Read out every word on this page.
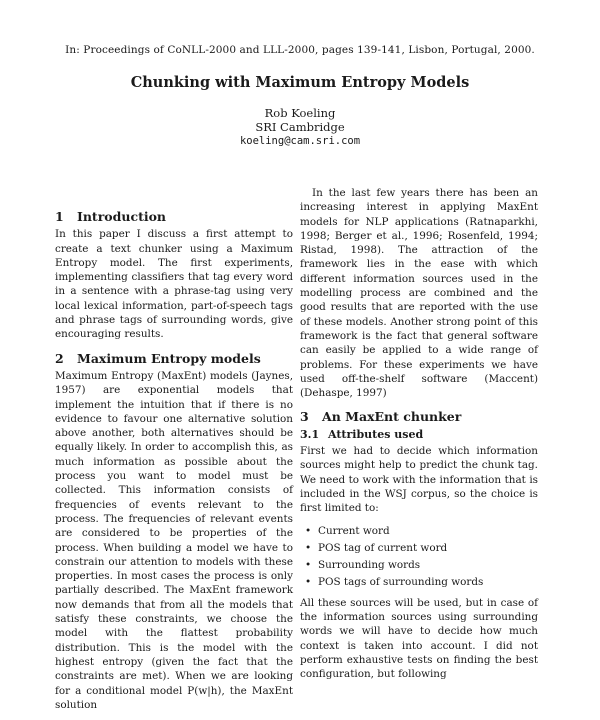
In: Proceedings of CoNLL-2000 and LLL-2000, pages 139-141, Lisbon, Portugal, 2000.
Chunking with Maximum Entropy Models
Rob Koeling
SRI Cambridge
koeling@cam.sri.com
1 Introduction

In this paper I discuss a first attempt to create a text chunker using a Maximum Entropy model. The first experiments, implementing classifiers that tag every word in a sentence with a phrase-tag using very local lexical information, part-of-speech tags and phrase tags of surrounding words, give encouraging results.

2 Maximum Entropy models

Maximum Entropy (MaxEnt) models (Jaynes, 1957) are exponential models that implement the intuition that if there is no evidence to favour one alternative solution above another, both alternatives should be equally likely. In order to accomplish this, as much information as possible about the process you want to model must be collected. This information consists of frequencies of events relevant to the process. The frequencies of relevant events are considered to be properties of the process. When building a model we have to constrain our attention to models with these properties. In most cases the process is only partially described. The MaxEnt framework now demands that from all the models that satisfy these constraints, we choose the model with the flattest probability distribution. This is the model with the highest entropy (given the fact that the constraints are met). When we are looking for a conditional model P(w|h), the MaxEnt solution

In the last few years there has been an increasing interest in applying MaxEnt models for NLP applications (Ratnaparkhi, 1998; Berger et al., 1996; Rosenfeld, 1994; Ristad, 1998). The attraction of the framework lies in the ease with which different information sources used in the modelling process are combined and the good results that are reported with the use of these models. Another strong point of this framework is the fact that general software can easily be applied to a wide range of problems. For these experiments we have used off-the-shelf software (Maccent) (Dehaspe, 1997)

3 An MaxEnt chunker
3.1 Attributes used

First we had to decide which information sources might help to predict the chunk tag. We need to work with the information that is included in the WSJ corpus, so the choice is first limited to:

• Current word
• POS tag of current word
• Surrounding words
• POS tags of surrounding words

All these sources will be used, but in case of the information sources using surrounding words we will have to decide how much context is taken into account. I did not perform exhaustive tests on finding the best configuration, but following
